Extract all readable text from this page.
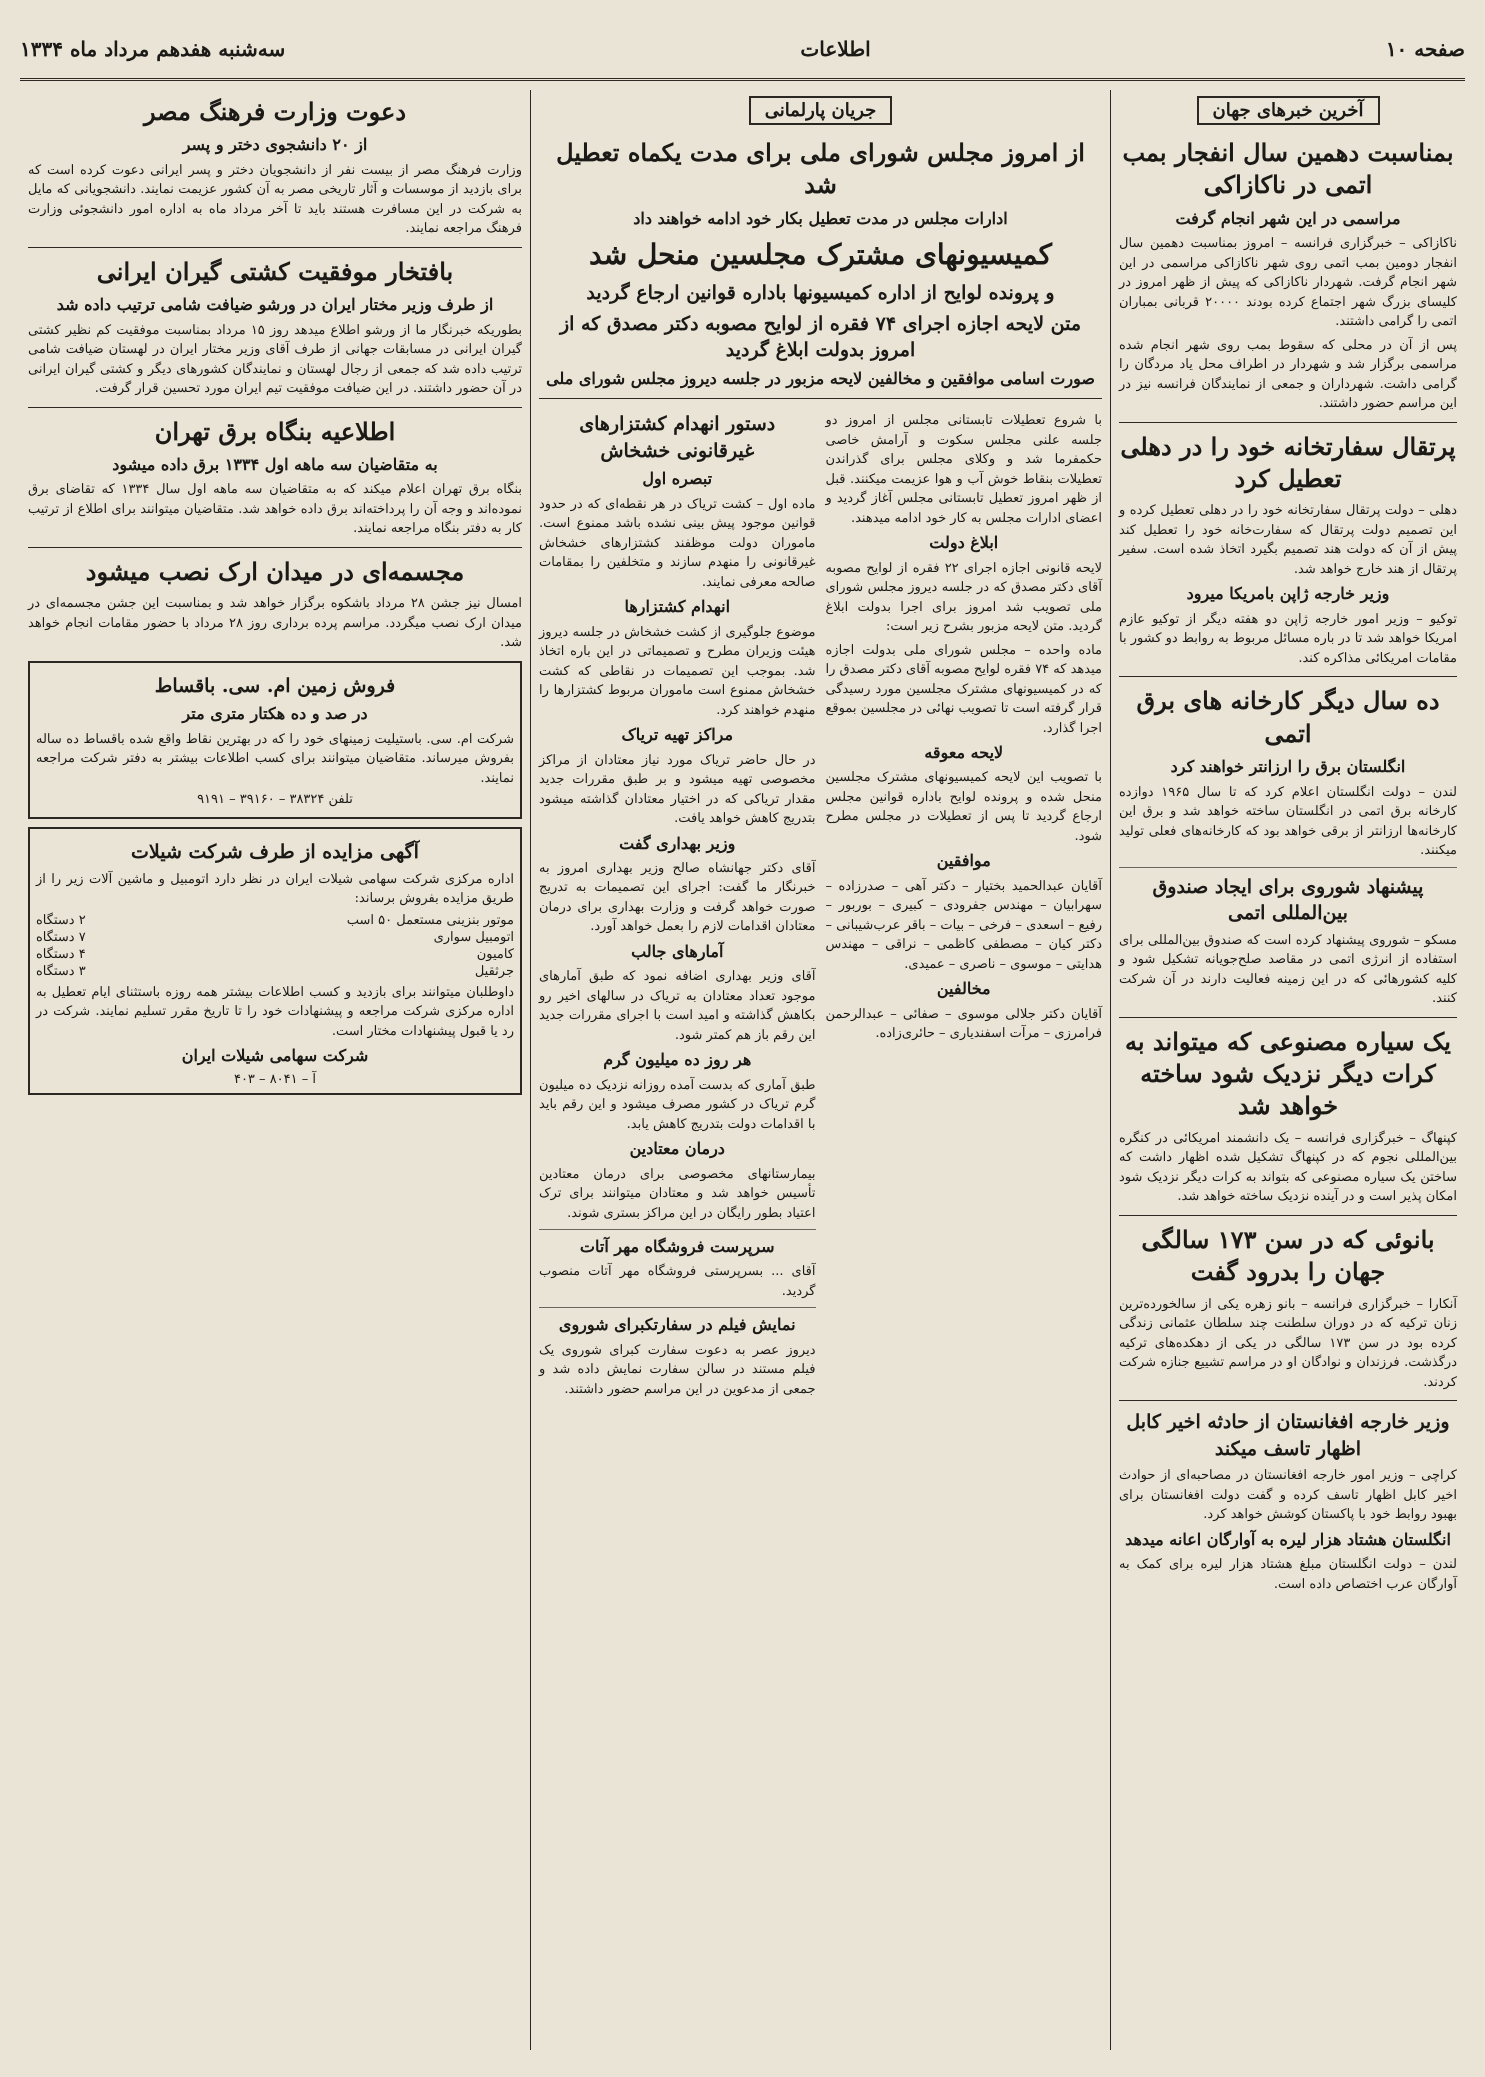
صفحه ۱۰
اطلاعات
سه‌شنبه هفدهم مرداد ماه ۱۳۳۴
آخرین خبرهای جهان
بمناسبت دهمین سال انفجار بمب اتمی در ناکازاکی
مراسمی در این شهر انجام گرفت

ناکازاکی – خبرگزاری فرانسه – امروز بمناسبت دهمین سال انفجار دومین بمب اتمی روی شهر ناکازاکی مراسمی در این شهر انجام گرفت. شهردار ناکازاکی که پیش از ظهر امروز در کلیسای بزرگ شهر اجتماع کرده بودند ۲۰۰۰۰ قربانی بمباران اتمی را گرامی داشتند.

پس از آن در محلی که سقوط بمب روی شهر انجام شده مراسمی برگزار شد و شهردار در اطراف محل یاد مردگان را گرامی داشت. شهرداران و جمعی از نمایندگان فرانسه نیز در این مراسم حضور داشتند.

پرتقال سفارتخانه خود را در دهلی تعطیل کرد

دهلی – دولت پرتقال سفارتخانه خود را در دهلی تعطیل کرده و این تصمیم دولت پرتقال که سفارت‌خانه خود را تعطیل کند پیش از آن که دولت هند تصمیم بگیرد اتخاذ شده است. سفیر پرتقال از هند خارج خواهد شد.

وزیر خارجه ژاپن بامریکا میرود

توکیو – وزیر امور خارجه ژاپن دو هفته دیگر از توکیو عازم امریکا خواهد شد تا در باره مسائل مربوط به روابط دو کشور با مقامات امریکائی مذاکره کند.

ده سال دیگر کارخانه های برق اتمی
انگلستان برق را ارزانتر خواهند کرد

لندن – دولت انگلستان اعلام کرد که تا سال ۱۹۶۵ دوازده کارخانه برق اتمی در انگلستان ساخته خواهد شد و برق این کارخانه‌ها ارزانتر از برقی خواهد بود که کارخانه‌های فعلی تولید میکنند.

پیشنهاد شوروی برای ایجاد صندوق بین‌المللی اتمی

مسکو – شوروی پیشنهاد کرده است که صندوق بین‌المللی برای استفاده از انرژی اتمی در مقاصد صلح‌جویانه تشکیل شود و کلیه کشورهائی که در این زمینه فعالیت دارند در آن شرکت کنند.

یک سیاره مصنوعی که میتواند به کرات دیگر نزدیک شود ساخته خواهد شد

کپنهاگ – خبرگزاری فرانسه – یک دانشمند امریکائی در کنگره بین‌المللی نجوم که در کپنهاگ تشکیل شده اظهار داشت که ساختن یک سیاره مصنوعی که بتواند به کرات دیگر نزدیک شود امکان پذیر است و در آینده نزدیک ساخته خواهد شد.

بانوئی که در سن ۱۷۳ سالگی جهان را بدرود گفت

آنکارا – خبرگزاری فرانسه – بانو زهره یکی از سالخورده‌ترین زنان ترکیه که در دوران سلطنت چند سلطان عثمانی زندگی کرده بود در سن ۱۷۳ سالگی در یکی از دهکده‌های ترکیه درگذشت. فرزندان و نوادگان او در مراسم تشییع جنازه شرکت کردند.

وزیر خارجه افغانستان از حادثه اخیر کابل اظهار تاسف میکند

کراچی – وزیر امور خارجه افغانستان در مصاحبه‌ای از حوادث اخیر کابل اظهار تاسف کرده و گفت دولت افغانستان برای بهبود روابط خود با پاکستان کوشش خواهد کرد.

انگلستان هشتاد هزار لیره به آوارگان اعانه میدهد

لندن – دولت انگلستان مبلغ هشتاد هزار لیره برای کمک به آوارگان عرب اختصاص داده است.

جریان پارلمانی
از امروز مجلس شورای ملی برای مدت یکماه تعطیل شد
ادارات مجلس در مدت تعطیل بکار خود ادامه خواهند داد
کمیسیونهای مشترک مجلسین منحل شد
و پرونده لوایح از اداره کمیسیونها باداره قوانین ارجاع گردید
متن لایحه اجازه اجرای ۷۴ فقره از لوایح مصوبه دکتر مصدق که از امروز بدولت ابلاغ گردید
صورت اسامی موافقین و مخالفین لایحه مزبور در جلسه دیروز مجلس شورای ملی

با شروع تعطیلات تابستانی مجلس از امروز دو جلسه علنی مجلس سکوت و آرامش خاصی حکمفرما شد و وکلای مجلس برای گذراندن تعطیلات بنقاط خوش آب و هوا عزیمت میکنند. قبل از ظهر امروز تعطیل تابستانی مجلس آغاز گردید و اعضای ادارات مجلس به کار خود ادامه میدهند.

ابلاغ دولت

لایحه قانونی اجازه اجرای ۲۲ فقره از لوایح مصوبه آقای دکتر مصدق که در جلسه دیروز مجلس شورای ملی تصویب شد امروز برای اجرا بدولت ابلاغ گردید. متن لایحه مزبور بشرح زیر است:

ماده واحده – مجلس شورای ملی بدولت اجازه میدهد که ۷۴ فقره لوایح مصوبه آقای دکتر مصدق را که در کمیسیونهای مشترک مجلسین مورد رسیدگی قرار گرفته است تا تصویب نهائی در مجلسین بموقع اجرا گذارد.

لایحه معوقه

با تصویب این لایحه کمیسیونهای مشترک مجلسین منحل شده و پرونده لوایح باداره قوانین مجلس ارجاع گردید تا پس از تعطیلات در مجلس مطرح شود.

موافقین

آقایان عبدالحمید بختیار – دکتر آهی – صدرزاده – سهرابیان – مهندس جفرودی – کبیری – بوربور – رفیع – اسعدی – فرخی – بیات – باقر عرب‌شیبانی – دکتر کیان – مصطفی کاظمی – نراقی – مهندس هدایتی – موسوی – ناصری – عمیدی.

مخالفین

آقایان دکتر جلالی موسوی – صفائی – عبدالرحمن فرامرزی – مرآت اسفندیاری – حائری‌زاده.

دستور انهدام کشتزارهای غیرقانونی خشخاش
تبصره اول

ماده اول – کشت تریاک در هر نقطه‌ای که در حدود قوانین موجود پیش بینی نشده باشد ممنوع است. ماموران دولت موظفند کشتزارهای خشخاش غیرقانونی را منهدم سازند و متخلفین را بمقامات صالحه معرفی نمایند.

انهدام کشتزارها

موضوع جلوگیری از کشت خشخاش در جلسه دیروز هیئت وزیران مطرح و تصمیماتی در این باره اتخاذ شد. بموجب این تصمیمات در نقاطی که کشت خشخاش ممنوع است ماموران مربوط کشتزارها را منهدم خواهند کرد.

مراکز تهیه تریاک

در حال حاضر تریاک مورد نیاز معتادان از مراکز مخصوصی تهیه میشود و بر طبق مقررات جدید مقدار تریاکی که در اختیار معتادان گذاشته میشود بتدریج کاهش خواهد یافت.

وزیر بهداری گفت

آقای دکتر جهانشاه صالح وزیر بهداری امروز به خبرنگار ما گفت: اجرای این تصمیمات به تدریج صورت خواهد گرفت و وزارت بهداری برای درمان معتادان اقدامات لازم را بعمل خواهد آورد.

آمارهای جالب

آقای وزیر بهداری اضافه نمود که طبق آمارهای موجود تعداد معتادان به تریاک در سالهای اخیر رو بکاهش گذاشته و امید است با اجرای مقررات جدید این رقم باز هم کمتر شود.

هر روز ده میلیون گرم

طبق آماری که بدست آمده روزانه نزدیک ده میلیون گرم تریاک در کشور مصرف میشود و این رقم باید با اقدامات دولت بتدریج کاهش یابد.

درمان معتادین

بیمارستانهای مخصوصی برای درمان معتادین تأسیس خواهد شد و معتادان میتوانند برای ترک اعتیاد بطور رایگان در این مراکز بستری شوند.

سرپرست فروشگاه مهر آتات

آقای ... بسرپرستی فروشگاه مهر آتات منصوب گردید.

نمایش فیلم در سفارتکبرای شوروی

دیروز عصر به دعوت سفارت کبرای شوروی یک فیلم مستند در سالن سفارت نمایش داده شد و جمعی از مدعوین در این مراسم حضور داشتند.

دعوت وزارت فرهنگ مصر
از ۲۰ دانشجوی دختر و پسر

وزارت فرهنگ مصر از بیست نفر از دانشجویان دختر و پسر ایرانی دعوت کرده است که برای بازدید از موسسات و آثار تاریخی مصر به آن کشور عزیمت نمایند. دانشجویانی که مایل به شرکت در این مسافرت هستند باید تا آخر مرداد ماه به اداره امور دانشجوئی وزارت فرهنگ مراجعه نمایند.

بافتخار موفقیت کشتی گیران ایرانی
از طرف وزیر مختار ایران در ورشو ضیافت شامی ترتیب داده شد

بطوریکه خبرنگار ما از ورشو اطلاع میدهد روز ۱۵ مرداد بمناسبت موفقیت کم نظیر کشتی گیران ایرانی در مسابقات جهانی از طرف آقای وزیر مختار ایران در لهستان ضیافت شامی ترتیب داده شد که جمعی از رجال لهستان و نمایندگان کشورهای دیگر و کشتی گیران ایرانی در آن حضور داشتند. در این ضیافت موفقیت تیم ایران مورد تحسین قرار گرفت.

اطلاعیه بنگاه برق تهران
به متقاضیان سه ماهه اول ۱۳۳۴ برق داده میشود

بنگاه برق تهران اعلام میکند که به متقاضیان سه ماهه اول سال ۱۳۳۴ که تقاضای برق نموده‌اند و وجه آن را پرداخته‌اند برق داده خواهد شد. متقاضیان میتوانند برای اطلاع از ترتیب کار به دفتر بنگاه مراجعه نمایند.

مجسمه‌ای در میدان ارک نصب میشود

امسال نیز جشن ۲۸ مرداد باشکوه برگزار خواهد شد و بمناسبت این جشن مجسمه‌ای در میدان ارک نصب میگردد. مراسم پرده برداری روز ۲۸ مرداد با حضور مقامات انجام خواهد شد.

فروش زمین ام. سی. باقساط
در صد و ده هکتار متری متر

شرکت ام. سی. باستیلیت زمینهای خود را که در بهترین نقاط واقع شده باقساط ده ساله بفروش میرساند. متقاضیان میتوانند برای کسب اطلاعات بیشتر به دفتر شرکت مراجعه نمایند.

تلفن ۳۸۳۲۴ – ۳۹۱۶۰ – ۹۱۹۱
آگهی مزایده از طرف شرکت شیلات

اداره مرکزی شرکت سهامی شیلات ایران در نظر دارد اتومبیل و ماشین آلات زیر را از طریق مزایده بفروش برساند:

موتور بنزینی مستعمل ۵۰ اسب
۲ دستگاه
اتومبیل سواری
۷ دستگاه
کامیون
۴ دستگاه
جرثقیل
۳ دستگاه

داوطلبان میتوانند برای بازدید و کسب اطلاعات بیشتر همه روزه باستثنای ایام تعطیل به اداره مرکزی شرکت مراجعه و پیشنهادات خود را تا تاریخ مقرر تسلیم نمایند. شرکت در رد یا قبول پیشنهادات مختار است.

شرکت سهامی شیلات ایران
آ – ۸۰۴۱ – ۴۰۳
